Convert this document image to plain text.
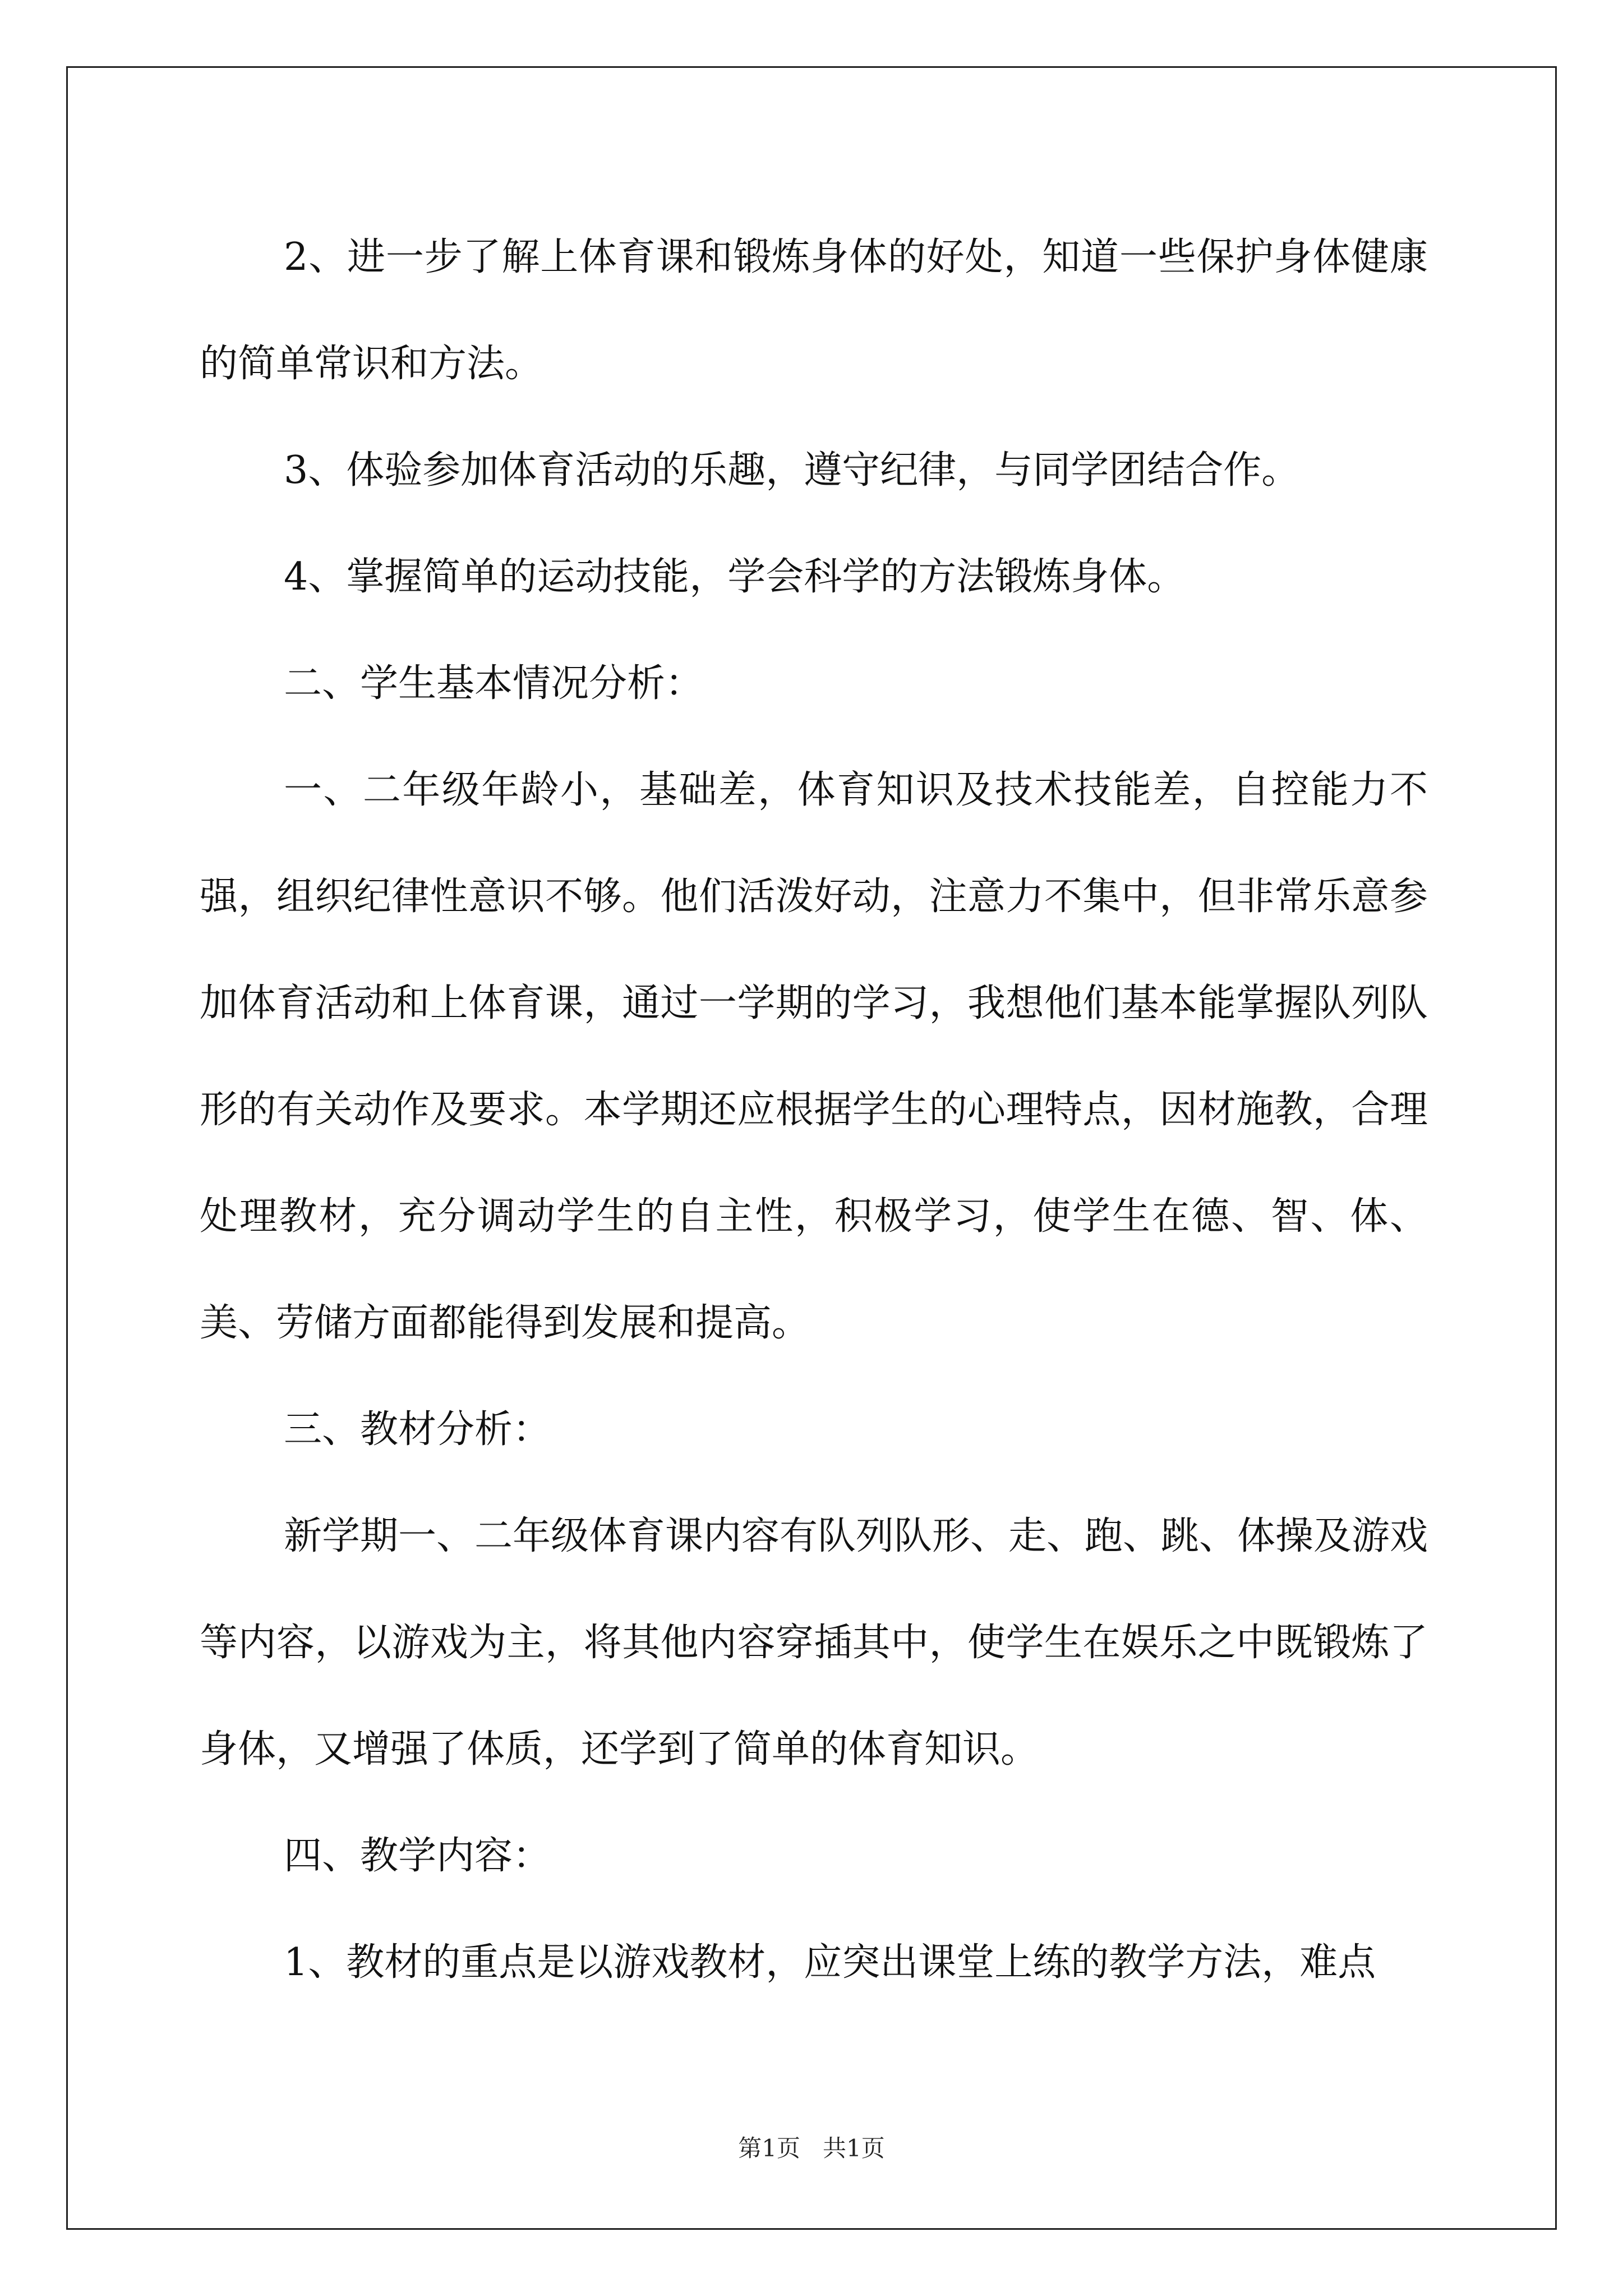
2、进一步了解上体育课和锻炼身体的好处，知道一些保护身体健康的简单常识和方法。

3、体验参加体育活动的乐趣，遵守纪律，与同学团结合作。

4、掌握简单的运动技能，学会科学的方法锻炼身体。

二、学生基本情况分析：

一、二年级年龄小，基础差，体育知识及技术技能差，自控能力不强，组织纪律性意识不够。他们活泼好动，注意力不集中，但非常乐意参加体育活动和上体育课，通过一学期的学习，我想他们基本能掌握队列队形的有关动作及要求。本学期还应根据学生的心理特点，因材施教，合理处理教材，充分调动学生的自主性，积极学习，使学生在德、智、体、美、劳储方面都能得到发展和提高。

三、教材分析：

新学期一、二年级体育课内容有队列队形、走、跑、跳、体操及游戏等内容，以游戏为主，将其他内容穿插其中，使学生在娱乐之中既锻炼了身体，又增强了体质，还学到了简单的体育知识。

四、教学内容：

1、教材的重点是以游戏教材，应突出课堂上练的教学方法，难点

第1页   共1页
